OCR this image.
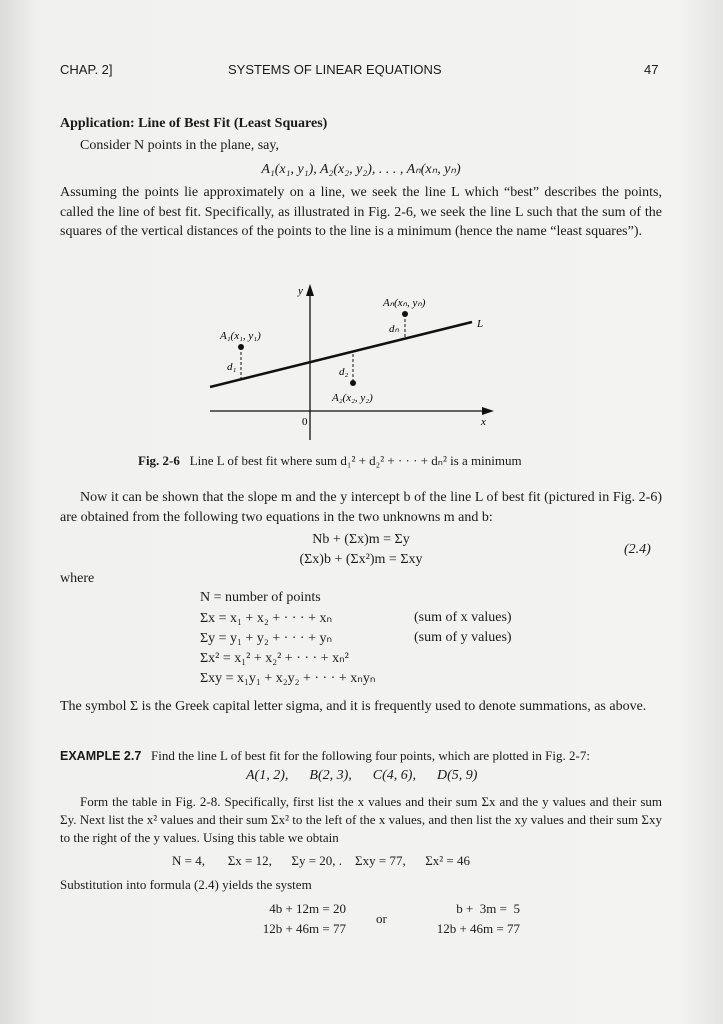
CHAP. 2]	SYSTEMS OF LINEAR EQUATIONS	47
Application: Line of Best Fit (Least Squares)
Consider N points in the plane, say,
A₁(x₁, y₁), A₂(x₂, y₂), . . . , Aₙ(xₙ, yₙ)
Assuming the points lie approximately on a line, we seek the line L which “best” describes the points, called the line of best fit. Specifically, as illustrated in Fig. 2-6, we seek the line L such that the sum of the squares of the vertical distances of the points to the line is a minimum (hence the name “least squares”).
y
x
0
L
A₁(x₁, y₁)
A₂(x₂, y₂)
Aₙ(xₙ, yₙ)
d₁	d₂
dₙ
Fig. 2-6 Line L of best fit where sum d₁² + d₂² + · · · + dₙ² is a minimum
Now it can be shown that the slope m and the y intercept b of the line L of best fit (pictured in Fig. 2-6) are obtained from the following two equations in the two unknowns m and b:
Nb + (Σx)m = Σy
(Σx)b + (Σx²)m = Σxy
(2.4)
where
N = number of points
Σx = x₁ + x₂ + · · · + xₙ	(sum of x values)
Σy = y₁ + y₂ + · · · + yₙ	(sum of y values)
Σx² = x₁² + x₂² + · · · + xₙ²
Σxy = x₁y₁ + x₂y₂ + · · · + xₙyₙ
The symbol Σ is the Greek capital letter sigma, and it is frequently used to denote summations, as above.
EXAMPLE 2.7 Find the line L of best fit for the following four points, which are plotted in Fig. 2-7:
A(1, 2), B(2, 3), C(4, 6), D(5, 9)
Form the table in Fig. 2-8. Specifically, first list the x values and their sum Σx and the y values and their sum Σy. Next list the x² values and their sum Σx² to the left of the x values, and then list the xy values and their sum Σxy to the right of the y values. Using this table we obtain
N = 4, Σx = 12, Σy = 20, . Σxy = 77, Σx² = 46
Substitution into formula (2.4) yields the system
4b + 12m = 20
12b + 46m = 77
or
b +  3m =  5
12b + 46m = 77
